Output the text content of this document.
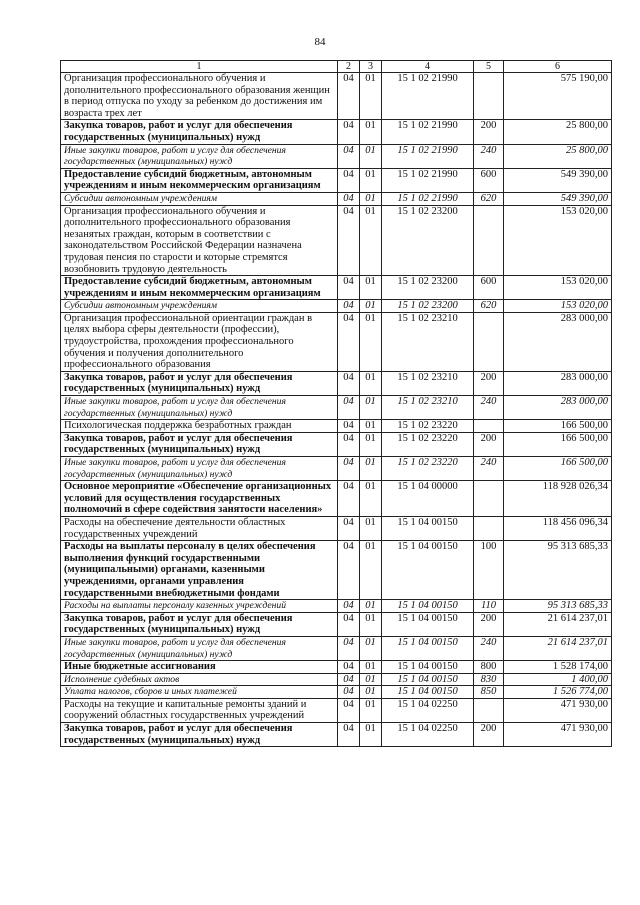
84
1	2	3	4	5	6
Организация профессионального обучения и дополнительного профессионального образования женщин в период отпуска по уходу за ребенком до достижения им возраста трех лет	04	01	15 1 02 21990		575 190,00
Закупка товаров, работ и услуг для обеспечения государственных (муниципальных) нужд	04	01	15 1 02 21990	200	25 800,00
Иные закупки товаров, работ и услуг для обеспечения государственных (муниципальных) нужд	04	01	15 1 02 21990	240	25 800,00
Предоставление субсидий бюджетным, автономным учреждениям и иным некоммерческим организациям	04	01	15 1 02 21990	600	549 390,00
Субсидии автономным учреждениям	04	01	15 1 02 21990	620	549 390,00
Организация профессионального обучения и дополнительного профессионального образования незанятых граждан, которым в соответствии с законодательством Российской Федерации назначена трудовая пенсия по старости и которые стремятся возобновить трудовую деятельность	04	01	15 1 02 23200		153 020,00
Предоставление субсидий бюджетным, автономным учреждениям и иным некоммерческим организациям	04	01	15 1 02 23200	600	153 020,00
Субсидии автономным учреждениям	04	01	15 1 02 23200	620	153 020,00
Организация профессиональной ориентации граждан в целях выбора сферы деятельности (профессии), трудоустройства, прохождения профессионального обучения и получения дополнительного профессионального образования	04	01	15 1 02 23210		283 000,00
Закупка товаров, работ и услуг для обеспечения государственных (муниципальных) нужд	04	01	15 1 02 23210	200	283 000,00
Иные закупки товаров, работ и услуг для обеспечения государственных (муниципальных) нужд	04	01	15 1 02 23210	240	283 000,00
Психологическая поддержка безработных граждан	04	01	15 1 02 23220		166 500,00
Закупка товаров, работ и услуг для обеспечения государственных (муниципальных) нужд	04	01	15 1 02 23220	200	166 500,00
Иные закупки товаров, работ и услуг для обеспечения государственных (муниципальных) нужд	04	01	15 1 02 23220	240	166 500,00
Основное мероприятие «Обеспечение организационных условий для осуществления государственных полномочий в сфере содействия занятости населения»	04	01	15 1 04 00000		118 928 026,34
Расходы на обеспечение деятельности областных государственных учреждений	04	01	15 1 04 00150		118 456 096,34
Расходы на выплаты персоналу в целях обеспечения выполнения функций государственными (муниципальными) органами, казенными учреждениями, органами управления государственными внебюджетными фондами	04	01	15 1 04 00150	100	95 313 685,33
Расходы на выплаты персоналу казенных учреждений	04	01	15 1 04 00150	110	95 313 685,33
Закупка товаров, работ и услуг для обеспечения государственных (муниципальных) нужд	04	01	15 1 04 00150	200	21 614 237,01
Иные закупки товаров, работ и услуг для обеспечения государственных (муниципальных) нужд	04	01	15 1 04 00150	240	21 614 237,01
Иные бюджетные ассигнования	04	01	15 1 04 00150	800	1 528 174,00
Исполнение судебных актов	04	01	15 1 04 00150	830	1 400,00
Уплата налогов, сборов и иных платежей	04	01	15 1 04 00150	850	1 526 774,00
Расходы на текущие и капитальные ремонты зданий и сооружений областных государственных учреждений	04	01	15 1 04 02250		471 930,00
Закупка товаров, работ и услуг для обеспечения государственных (муниципальных) нужд	04	01	15 1 04 02250	200	471 930,00
